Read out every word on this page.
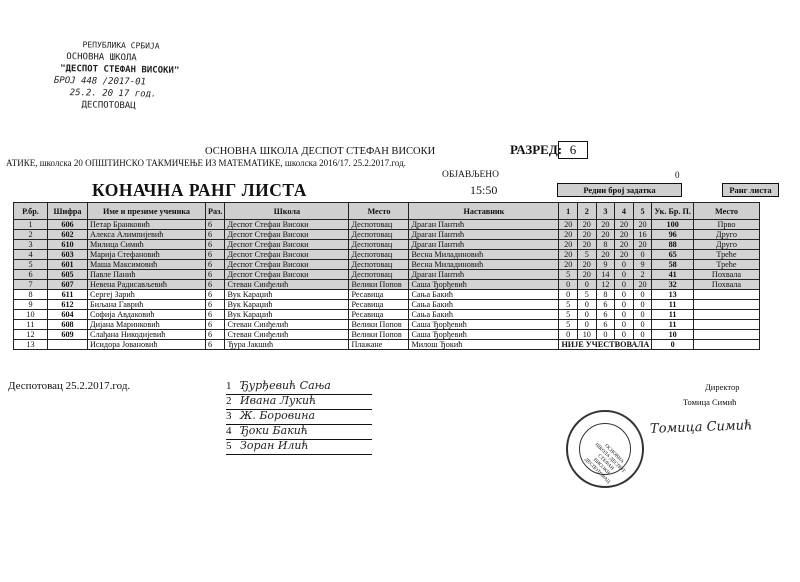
РЕПУБЛИКА СРБИЈА
ОСНОВНА ШКОЛА
"ДЕСПОТ СТЕФАН ВИСОКИ"
БРОЈ 448 /2017-01
25.2. 20 17 год.
ДЕСПОТОВАЦ
ОСНОВНА ШКОЛА ДЕСПОТ СТЕФАН ВИСОКИ	РАЗРЕД: 6
АТИКЕ, школска 20 ОПШТИНСКО ТАКМИЧЕЊЕ ИЗ МАТЕМАТИКЕ, школска 2016/17. 25.2.2017.год.
ОБЈАВЉЕНО	0
КОНАЧНА РАНГ ЛИСТА	15:50	Редни број задатка	Ранг листа
Р.бр.	Шифра	Име и презиме ученика	Раз.	Школа	Место	Наставник	1	2	3	4	5	Ук. Бр. П.	Место
1	606	Петар Бранковић	6	Деспот Стефан Високи	Деспотовац	Драган Пантић	20	20	20	20	20	100	Прво
2	602	Алекса Алимпијевић	6	Деспот Стефан Високи	Деспотовац	Драган Пантић	20	20	20	20	16	96	Друго
3	610	Милица Симић	6	Деспот Стефан Високи	Деспотовац	Драган Пантић	20	20	8	20	20	88	Друго
4	603	Марија Стефановић	6	Деспот Стефан Високи	Деспотовац	Весна Миладиновић	20	5	20	20	0	65	Треће
5	601	Маша Максимовић	6	Деспот Стефан Високи	Деспотовац	Весна Миладиновић	20	20	9	0	9	58	Треће
6	605	Павле Панић	6	Деспот Стефан Високи	Деспотовац	Драган Пантић	5	20	14	0	2	41	Похвала
7	607	Невена Радисављевић	6	Стеван Синђелић	Велики Попов	Саша Ђорђевић	0	0	12	0	20	32	Похвала
8	611	Сергеј Зарић	6	Вук Караџић	Ресавица	Сања Бакић	0	5	8	0	0	13	
9	612	Биљана Гаврић	6	Вук Караџић	Ресавица	Сања Бакић	5	0	6	0	0	11	
10	604	Софија Авдаковић	6	Вук Караџић	Ресавица	Сања Бакић	5	0	6	0	0	11	
11	608	Дијана Маринковић	6	Стеван Синђелић	Велики Попов	Саша Ђорђевић	5	0	6	0	0	11	
12	609	Слађана Никодијевић	6	Стеван Синђелић	Велики Попов	Саша Ђорђевић	0	10	0	0	0	10	
13		Исидора Јовановић	6	Ђура Јакшић	Плажане	Милош Ђокић	НИЈЕ УЧЕСТВОВАЛА					0	
Деспотовац 25.2.2017.год.	1 Ђурђевић Сања
2 Ивана Лукић
3 Ж. Боровина
4 Ђоки Бакић
5 Зоран Илић
Директор
Томица Симић
ОСНОВНА ШКОЛА ДЕСПОТ СТЕФАН ВИСОКИ ДЕСПОТОВАЦ
Томица Симић
